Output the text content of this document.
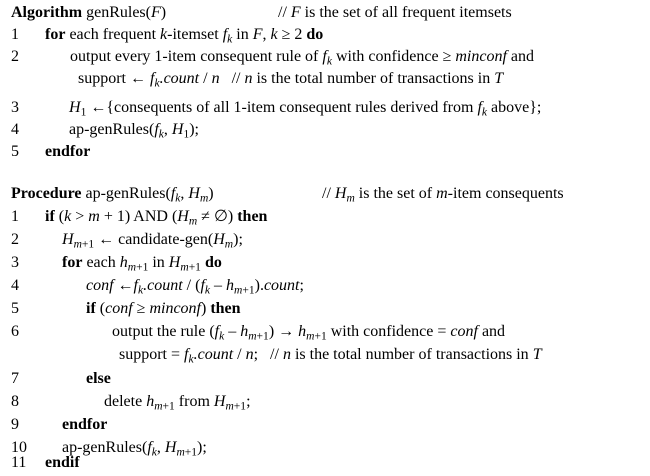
Algorithm genRules(F)	// F is the set of all frequent itemsets
1 for each frequent k-itemset $f_k$ in F, k ≥ 2 do
2	output every 1-item consequent rule of $f_k$ with confidence ≥ minconf and
support ← $f_k.count$ / n   // n is the total number of transactions in T
3	$H_1$ ←{consequents of all 1-item consequent rules derived from $f_k$ above};
4	$ap-genRules(f_k$, $H_1$);
5 endfor
Procedure $ap-genRules(f_k$, $H_m$)	// $H_m$ is the set of m-item consequents
1 if (k > m + 1) AND ($H_m$ ≠ ∅) then
2	$H_{m+1}$ ← candidate-$gen(H_m)$;
3	for each $h_{m+1}$ in $H_{m+1}$ do
4	conf $\leftarrow f_k.count / (f_k$ – $h_{m+1}).count$;
5	if (conf ≥ minconf) then
6	output the rule $(f_k - h_{m+1}) \to h_{m+1}$ with confidence = conf and
support = $f_k.count$ / n;   // n is the total number of transactions in T
7	else
8	delete $h_{m+1}$ from $H_{m+1}$;
9	endfor
10 $ap-genRules(f_k$, $H_{m+1}$);
11 endif
